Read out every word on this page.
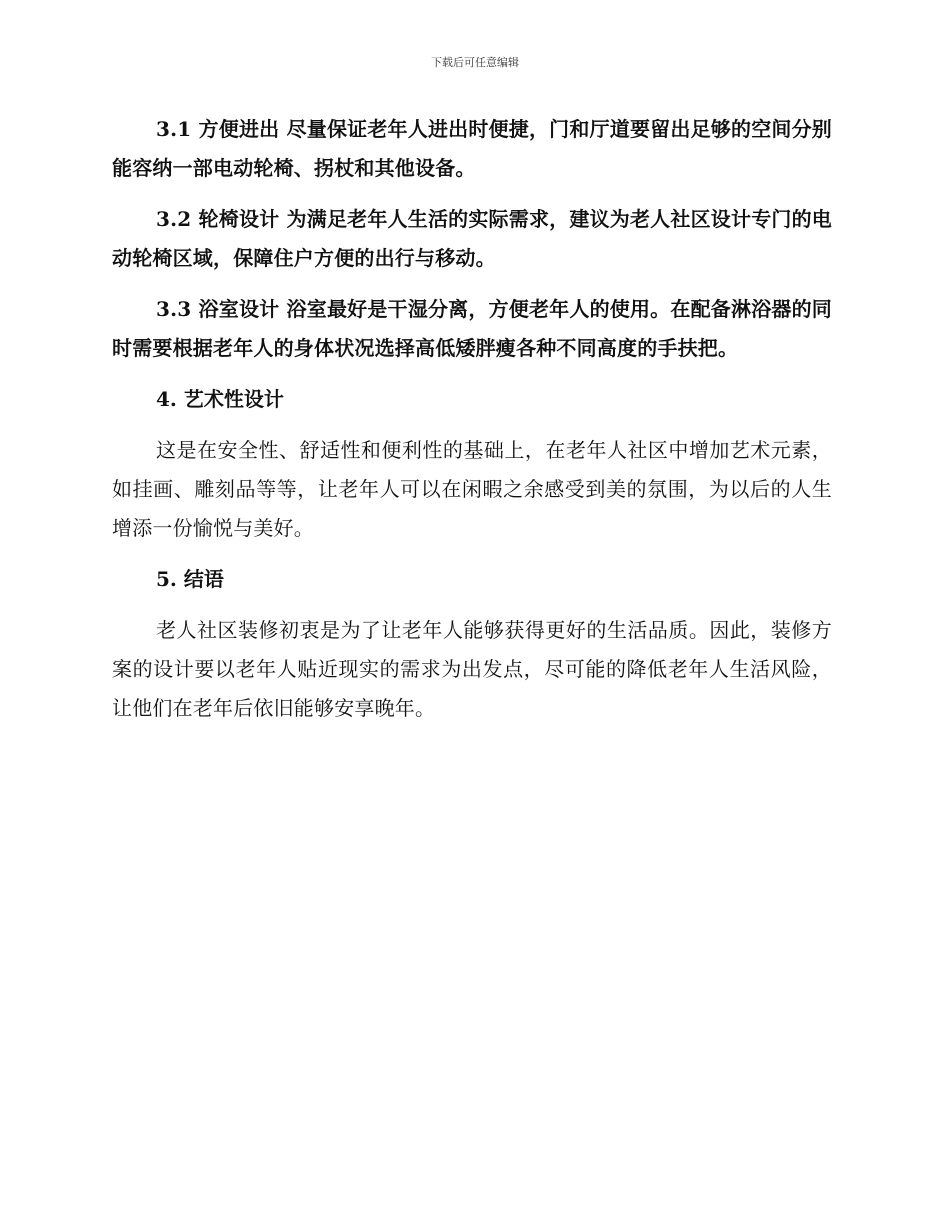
下载后可任意编辑

3.1 方便进出 尽量保证老年人进出时便捷，门和厅道要留出足够的空间分别能容纳一部电动轮椅、拐杖和其他设备。

3.2 轮椅设计 为满足老年人生活的实际需求，建议为老人社区设计专门的电动轮椅区域，保障住户方便的出行与移动。

3.3 浴室设计 浴室最好是干湿分离，方便老年人的使用。在配备淋浴器的同时需要根据老年人的身体状况选择高低矮胖瘦各种不同高度的手扶把。

4. 艺术性设计

这是在安全性、舒适性和便利性的基础上，在老年人社区中增加艺术元素，如挂画、雕刻品等等，让老年人可以在闲暇之余感受到美的氛围，为以后的人生增添一份愉悦与美好。

5. 结语

老人社区装修初衷是为了让老年人能够获得更好的生活品质。因此，装修方案的设计要以老年人贴近现实的需求为出发点，尽可能的降低老年人生活风险，让他们在老年后依旧能够安享晚年。
